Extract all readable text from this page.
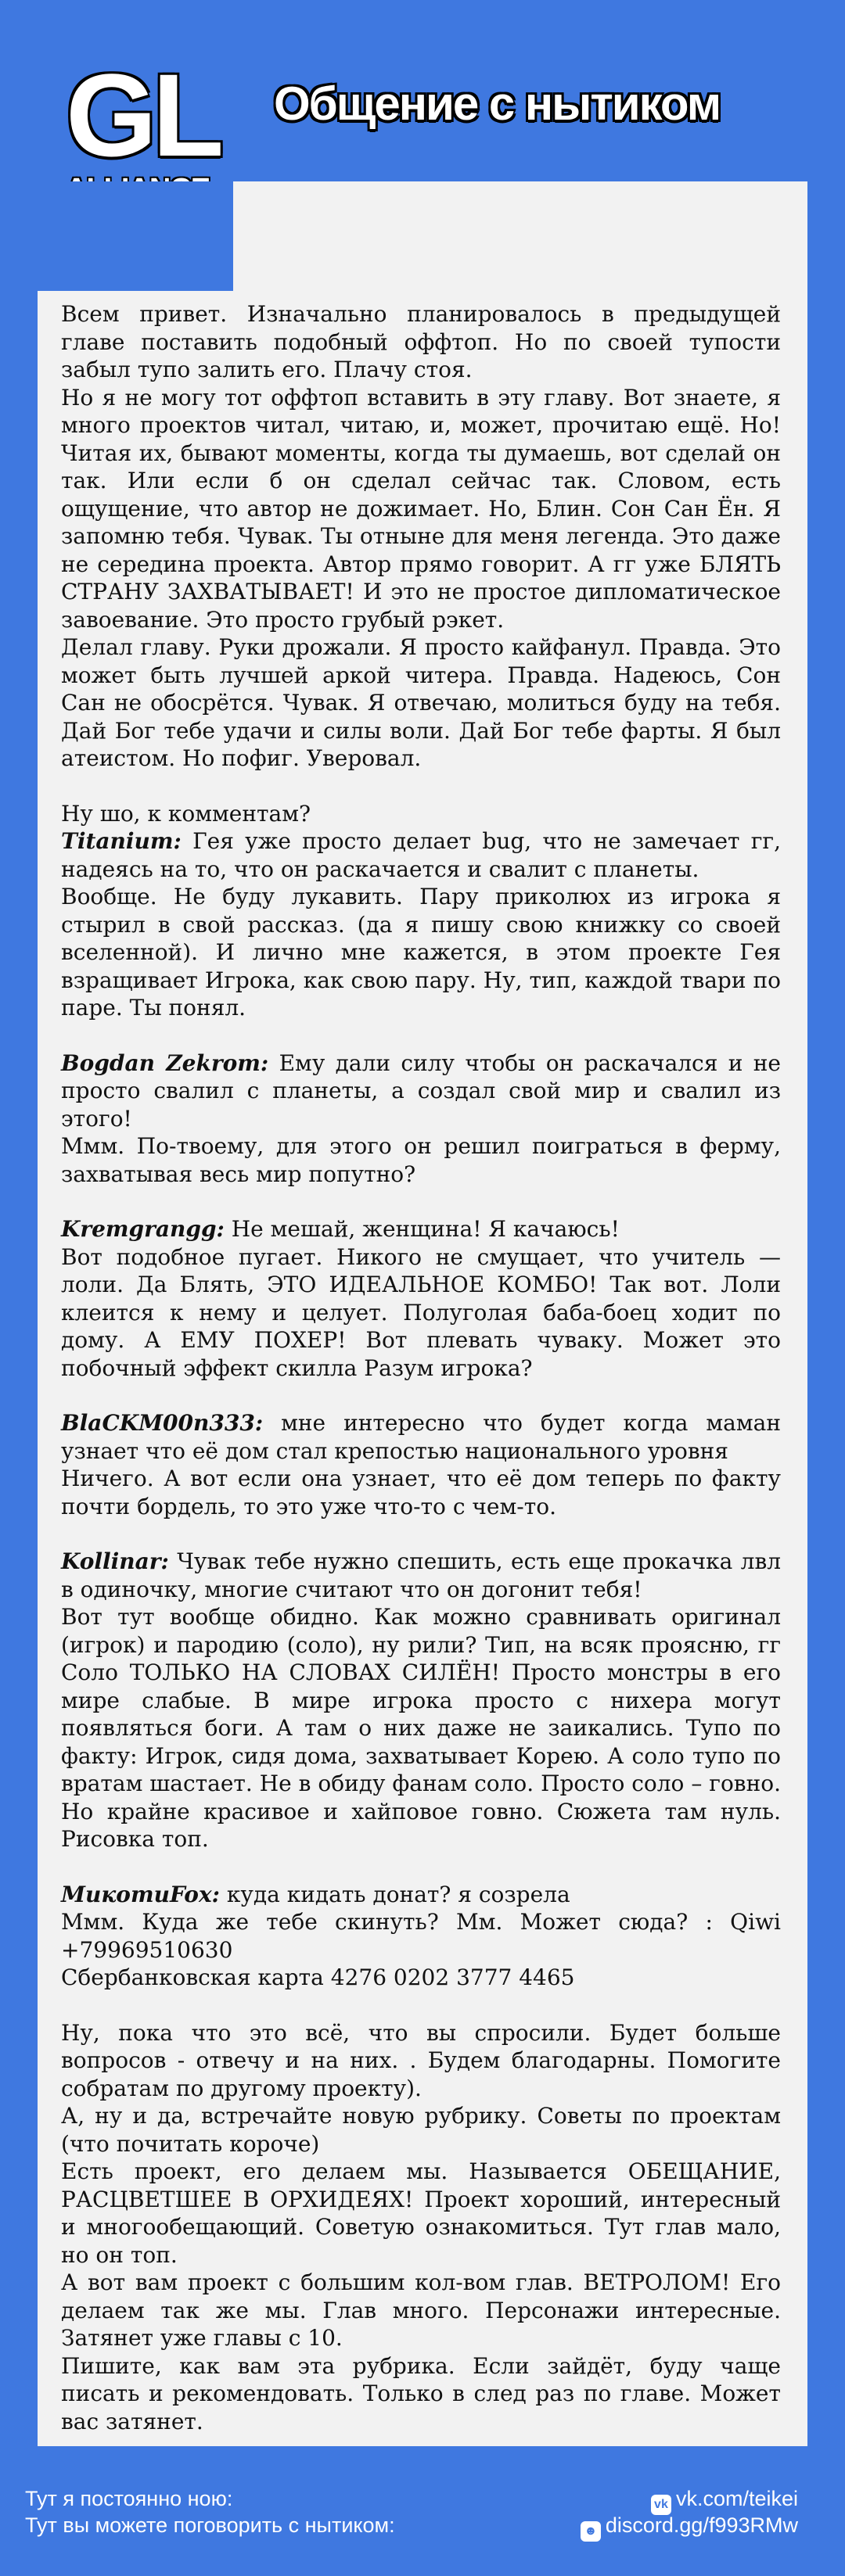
GL Общение с нытиком

Всем привет. Изначально планировалось в предыдущей главе поставить подобный оффтоп. Но по своей тупости забыл тупо залить его. Плачу стоя.

Но я не могу тот оффтоп вставить в эту главу. Вот знаете, я много проектов читал, читаю, и, может, прочитаю ещё. Но! Читая их, бывают моменты, когда ты думаешь, вот сделай он так. Или если б он сделал сейчас так. Словом, есть ощущение, что автор не дожимает. Но, Блин. Сон Сан Ён. Я запомню тебя. Чувак. Ты отныне для меня легенда. Это даже не середина проекта. Автор прямо говорит. А гг уже БЛЯТЬ СТРАНУ ЗАХВАТЫВАЕТ! И это не простое дипломатическое завоевание. Это просто грубый рэкет.

Делал главу. Руки дрожали. Я просто кайфанул. Правда. Это может быть лучшей аркой читера. Правда. Надеюсь, Сон Сан не обосрётся. Чувак. Я отвечаю, молиться буду на тебя. Дай Бог тебе удачи и силы воли. Дай Бог тебе фарты. Я был атеистом. Но пофиг. Уверовал.

Ну шо, к комментам?

Titanium: Гея уже просто делает bug, что не замечает гг, надеясь на то, что он раскачается и свалит с планеты.

Вообще. Не буду лукавить. Пару приколюх из игрока я стырил в свой рассказ. (да я пишу свою книжку со своей вселенной). И лично мне кажется, в этом проекте Гея взращивает Игрока, как свою пару. Ну, тип, каждой твари по паре. Ты понял.

Bogdan Zekrom: Ему дали силу чтобы он раскачался и не просто свалил с планеты, а создал свой мир и свалил из этого!

Ммм. По-твоему, для этого он решил поиграться в ферму, захватывая весь мир попутно?

Kremgrangg: Не мешай, женщина! Я качаюсь!

Вот подобное пугает. Никого не смущает, что учитель — лоли. Да Блять, ЭТО ИДЕАЛЬНОЕ КОМБО! Так вот. Лоли клеится к нему и целует. Полуголая баба-боец ходит по дому. А ЕМУ ПОХЕР! Вот плевать чуваку. Может это побочный эффект скилла Разум игрока?

BlaCKM00n333: мне интересно что будет когда маман узнает что её дом стал крепостью национального уровня

Ничего. А вот если она узнает, что её дом теперь по факту почти бордель, то это уже что-то с чем-то.

Kollinar: Чувак тебе нужно спешить, есть еще прокачка лвл в одиночку, многие считают что он догонит тебя!

Вот тут вообще обидно. Как можно сравнивать оригинал (игрок) и пародию (соло), ну рили? Тип, на всяк проясню, гг Соло ТОЛЬКО НА СЛОВАХ СИЛЁН! Просто монстры в его мире слабые. В мире игрока просто с нихера могут появляться боги. А там о них даже не заикались. Тупо по факту: Игрок, сидя дома, захватывает Корею. А соло тупо по вратам шастает. Не в обиду фанам соло. Просто соло – говно. Но крайне красивое и хайповое говно. Сюжета там нуль. Рисовка топ.

MикотиFox: куда кидать донат? я созрела

Ммм. Куда же тебе скинуть? Мм. Может сюда? : Qiwi +79969510630

Сбербанковская карта 4276 0202 3777 4465

Ну, пока что это всё, что вы спросили. Будет больше вопросов - отвечу и на них. . Будем благодарны. Помогите собратам по другому проекту).

А, ну и да, встречайте новую рубрику. Советы по проектам (что почитать короче)

Есть проект, его делаем мы. Называется ОБЕЩАНИЕ, РАСЦВЕТШЕЕ В ОРХИДЕЯХ! Проект хороший, интересный и многообещающий. Советую ознакомиться. Тут глав мало, но он топ.

А вот вам проект с большим кол-вом глав. ВЕТРОЛОМ! Его делаем так же мы. Глав много. Персонажи интересные. Затянет уже главы с 10.

Пишите, как вам эта рубрика. Если зайдёт, буду чаще писать и рекомендовать. Только в след раз по главе. Может вас затянет.

Тут я постоянно ною:
Тут вы можете поговорить с нытиком:
vk vk.com/teikei
☻ discord.gg/f993RMw
